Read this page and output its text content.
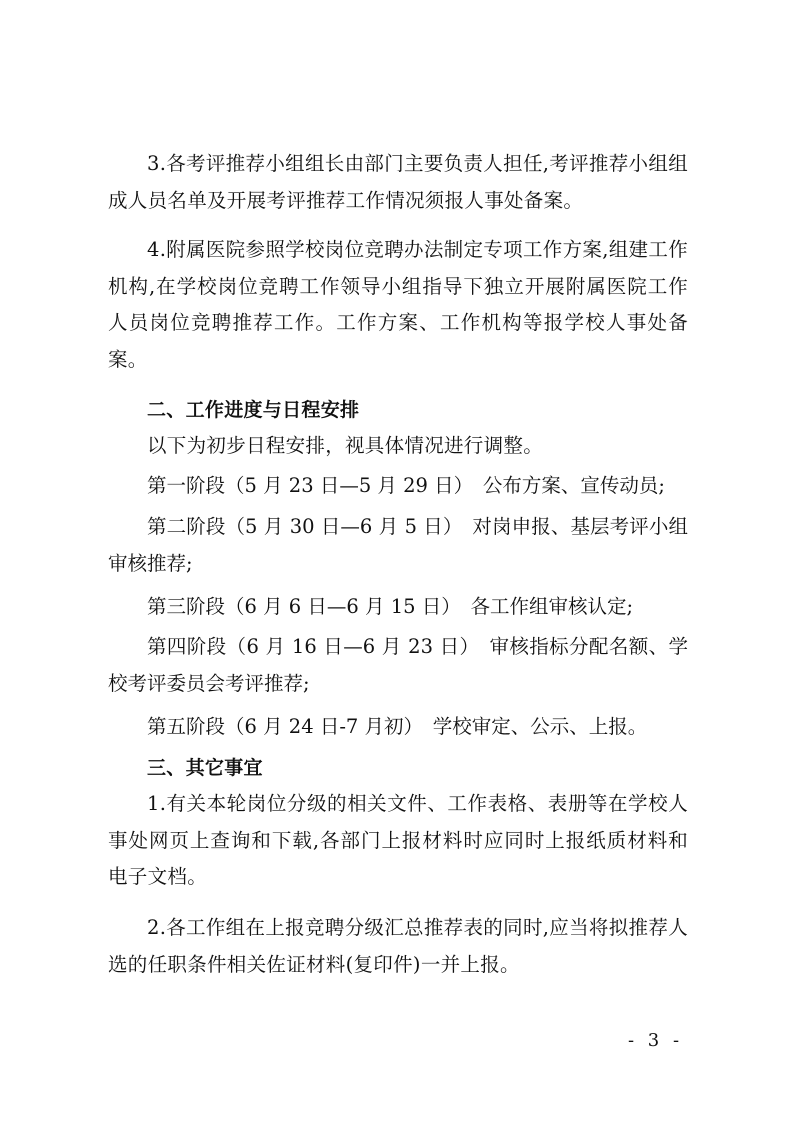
3.各考评推荐小组组长由部门主要负责人担任,考评推荐小组组成人员名单及开展考评推荐工作情况须报人事处备案。

4.附属医院参照学校岗位竞聘办法制定专项工作方案,组建工作机构,在学校岗位竞聘工作领导小组指导下独立开展附属医院工作人员岗位竞聘推荐工作。工作方案、工作机构等报学校人事处备案。

二、工作进度与日程安排

以下为初步日程安排，视具体情况进行调整。

第一阶段（5 月 23 日—5 月 29 日）　公布方案、宣传动员;

第二阶段（5 月 30 日—6 月 5 日）　对岗申报、基层考评小组审核推荐;

第三阶段（6 月 6 日—6 月 15 日）　各工作组审核认定;

第四阶段（6 月 16 日—6 月 23 日）　审核指标分配名额、学校考评委员会考评推荐;

第五阶段（6 月 24 日-7 月初）　学校审定、公示、上报。

三、其它事宜

1.有关本轮岗位分级的相关文件、工作表格、表册等在学校人事处网页上查询和下载,各部门上报材料时应同时上报纸质材料和电子文档。

2.各工作组在上报竞聘分级汇总推荐表的同时,应当将拟推荐人选的任职条件相关佐证材料(复印件)一并上报。

- 3 -
